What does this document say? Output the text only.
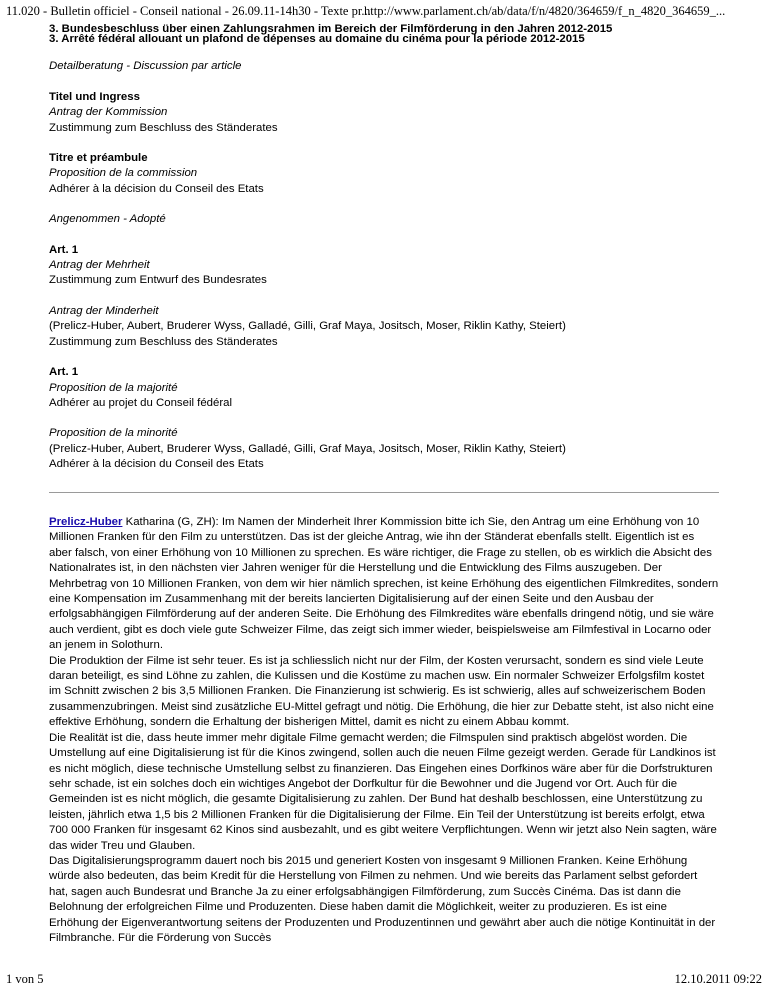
11.020 - Bulletin officiel - Conseil national - 26.09.11-14h30 - Texte pr...
http://www.parlament.ch/ab/data/f/n/4820/364659/f_n_4820_364659_...
3. Bundesbeschluss über einen Zahlungsrahmen im Bereich der Filmförderung in den Jahren 2012-2015
3. Arrêté fédéral allouant un plafond de dépenses au domaine du cinéma pour la période 2012-2015
Detailberatung - Discussion par article
Titel und Ingress
Antrag der Kommission
Zustimmung zum Beschluss des Ständerates
Titre et préambule
Proposition de la commission
Adhérer à la décision du Conseil des Etats
Angenommen - Adopté
Art. 1
Antrag der Mehrheit
Zustimmung zum Entwurf des Bundesrates
Antrag der Minderheit
(Prelicz-Huber, Aubert, Bruderer Wyss, Galladé, Gilli, Graf Maya, Jositsch, Moser, Riklin Kathy, Steiert)
Zustimmung zum Beschluss des Ständerates
Art. 1
Proposition de la majorité
Adhérer au projet du Conseil fédéral
Proposition de la minorité
(Prelicz-Huber, Aubert, Bruderer Wyss, Galladé, Gilli, Graf Maya, Jositsch, Moser, Riklin Kathy, Steiert)
Adhérer à la décision du Conseil des Etats

Prelicz-Huber Katharina (G, ZH): Im Namen der Minderheit Ihrer Kommission bitte ich Sie, den Antrag um eine Erhöhung von 10 Millionen Franken für den Film zu unterstützen. Das ist der gleiche Antrag, wie ihn der Ständerat ebenfalls stellt. Eigentlich ist es aber falsch, von einer Erhöhung von 10 Millionen zu sprechen. Es wäre richtiger, die Frage zu stellen, ob es wirklich die Absicht des Nationalrates ist, in den nächsten vier Jahren weniger für die Herstellung und die Entwicklung des Films auszugeben. Der Mehrbetrag von 10 Millionen Franken, von dem wir hier nämlich sprechen, ist keine Erhöhung des eigentlichen Filmkredites, sondern eine Kompensation im Zusammenhang mit der bereits lancierten Digitalisierung auf der einen Seite und den Ausbau der erfolgsabhängigen Filmförderung auf der anderen Seite. Die Erhöhung des Filmkredites wäre ebenfalls dringend nötig, und sie wäre auch verdient, gibt es doch viele gute Schweizer Filme, das zeigt sich immer wieder, beispielsweise am Filmfestival in Locarno oder an jenem in Solothurn.

Die Produktion der Filme ist sehr teuer. Es ist ja schliesslich nicht nur der Film, der Kosten verursacht, sondern es sind viele Leute daran beteiligt, es sind Löhne zu zahlen, die Kulissen und die Kostüme zu machen usw. Ein normaler Schweizer Erfolgsfilm kostet im Schnitt zwischen 2 bis 3,5 Millionen Franken. Die Finanzierung ist schwierig. Es ist schwierig, alles auf schweizerischem Boden zusammenzubringen. Meist sind zusätzliche EU-Mittel gefragt und nötig. Die Erhöhung, die hier zur Debatte steht, ist also nicht eine effektive Erhöhung, sondern die Erhaltung der bisherigen Mittel, damit es nicht zu einem Abbau kommt.

Die Realität ist die, dass heute immer mehr digitale Filme gemacht werden; die Filmspulen sind praktisch abgelöst worden. Die Umstellung auf eine Digitalisierung ist für die Kinos zwingend, sollen auch die neuen Filme gezeigt werden. Gerade für Landkinos ist es nicht möglich, diese technische Umstellung selbst zu finanzieren. Das Eingehen eines Dorfkinos wäre aber für die Dorfstrukturen sehr schade, ist ein solches doch ein wichtiges Angebot der Dorfkultur für die Bewohner und die Jugend vor Ort. Auch für die Gemeinden ist es nicht möglich, die gesamte Digitalisierung zu zahlen. Der Bund hat deshalb beschlossen, eine Unterstützung zu leisten, jährlich etwa 1,5 bis 2 Millionen Franken für die Digitalisierung der Filme. Ein Teil der Unterstützung ist bereits erfolgt, etwa 700 000 Franken für insgesamt 62 Kinos sind ausbezahlt, und es gibt weitere Verpflichtungen. Wenn wir jetzt also Nein sagten, wäre das wider Treu und Glauben.

Das Digitalisierungsprogramm dauert noch bis 2015 und generiert Kosten von insgesamt 9 Millionen Franken. Keine Erhöhung würde also bedeuten, das beim Kredit für die Herstellung von Filmen zu nehmen. Und wie bereits das Parlament selbst gefordert hat, sagen auch Bundesrat und Branche Ja zu einer erfolgsabhängigen Filmförderung, zum Succès Cinéma. Das ist dann die Belohnung der erfolgreichen Filme und Produzenten. Diese haben damit die Möglichkeit, weiter zu produzieren. Es ist eine Erhöhung der Eigenverantwortung seitens der Produzenten und Produzentinnen und gewährt aber auch die nötige Kontinuität in der Filmbranche. Für die Förderung von Succès

1 von 5	12.10.2011 09:22
